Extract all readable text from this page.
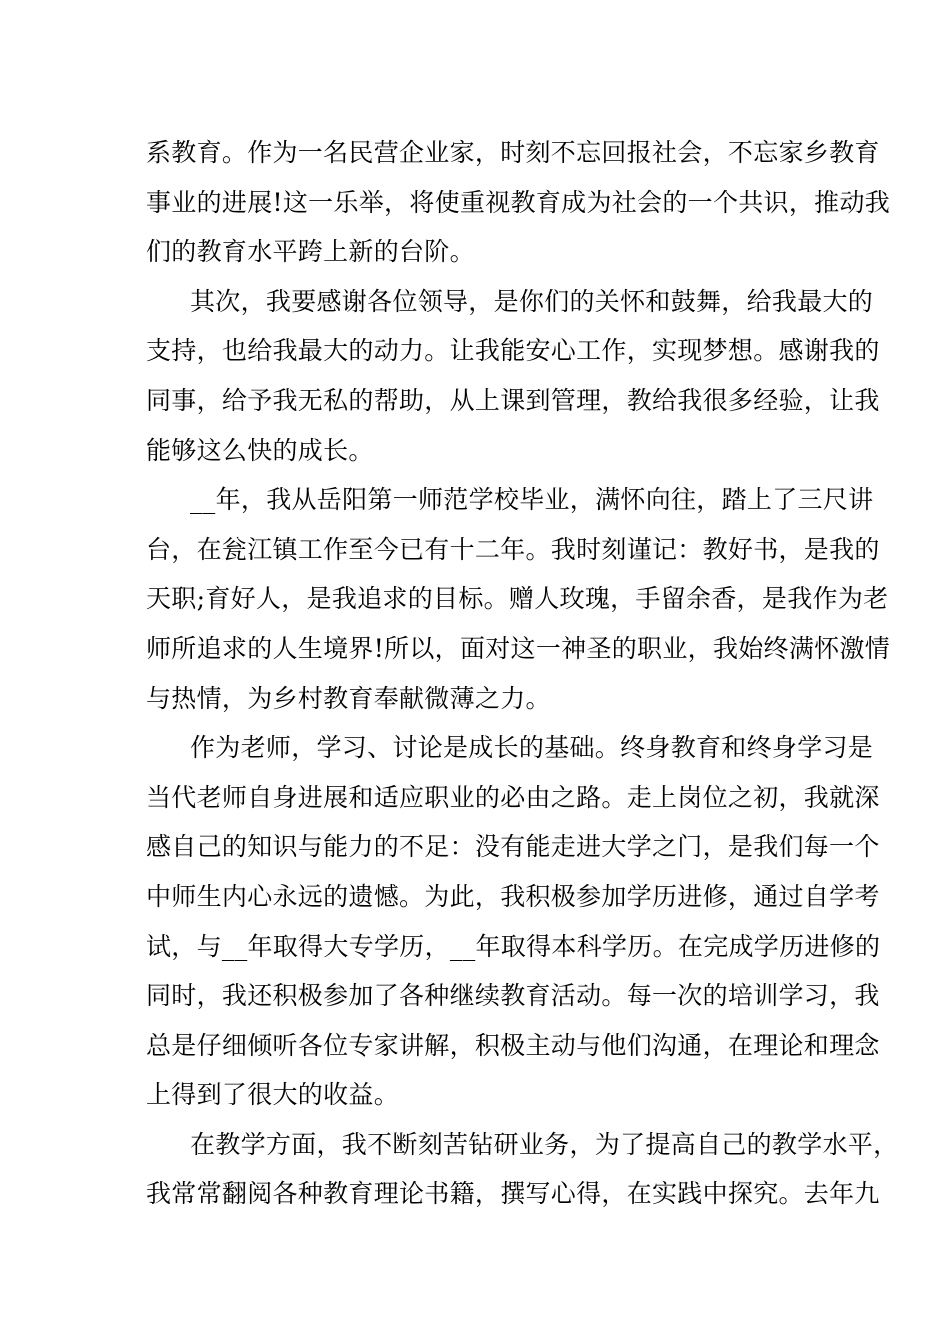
系教育。作为一名民营企业家，时刻不忘回报社会，不忘家乡教育
事业的进展!这一乐举，将使重视教育成为社会的一个共识，推动我
们的教育水平跨上新的台阶。
其次，我要感谢各位领导，是你们的关怀和鼓舞，给我最大的
支持，也给我最大的动力。让我能安心工作，实现梦想。感谢我的
同事，给予我无私的帮助，从上课到管理，教给我很多经验，让我
能够这么快的成长。
__年，我从岳阳第一师范学校毕业，满怀向往，踏上了三尺讲
台，在瓮江镇工作至今已有十二年。我时刻谨记：教好书，是我的
天职;育好人，是我追求的目标。赠人玫瑰，手留余香，是我作为老
师所追求的人生境界!所以，面对这一神圣的职业，我始终满怀激情
与热情，为乡村教育奉献微薄之力。
作为老师，学习、讨论是成长的基础。终身教育和终身学习是
当代老师自身进展和适应职业的必由之路。走上岗位之初，我就深
感自己的知识与能力的不足：没有能走进大学之门，是我们每一个
中师生内心永远的遗憾。为此，我积极参加学历进修，通过自学考
试，与__年取得大专学历，__年取得本科学历。在完成学历进修的
同时，我还积极参加了各种继续教育活动。每一次的培训学习，我
总是仔细倾听各位专家讲解，积极主动与他们沟通，在理论和理念
上得到了很大的收益。
在教学方面，我不断刻苦钻研业务，为了提高自己的教学水平，
我常常翻阅各种教育理论书籍，撰写心得，在实践中探究。去年九
